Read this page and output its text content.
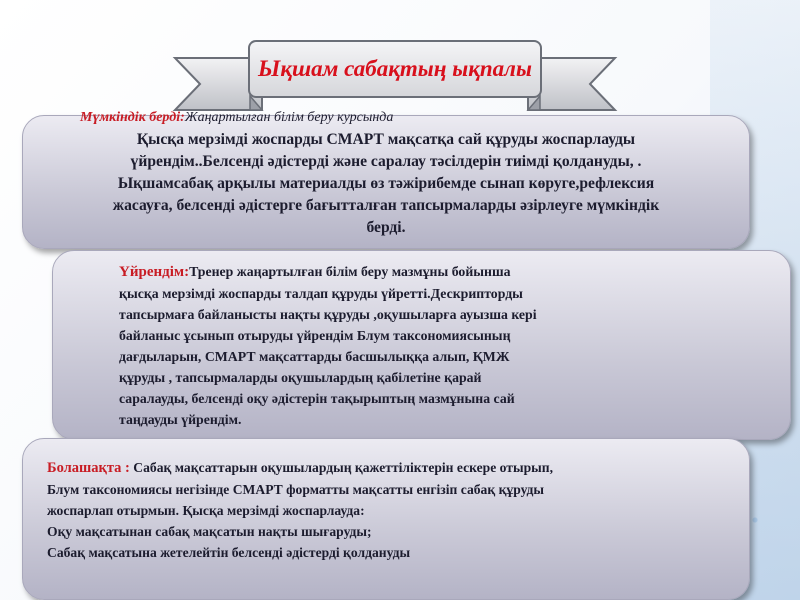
Ықшам сабақтың ықпалы
Мүмкіндік берді:Жаңартылған білім беру курсында
Қысқа мерзімді жоспарды СМАРТ мақсатқа сай құруды жоспарлауды
үйрендім..Белсенді әдістерді және саралау тәсілдерін тиімді қолдануды, .
Ықшамсабақ арқылы материалды өз тәжірибемде сынап көруге,рефлексия
жасауға, белсенді әдістерге бағытталған тапсырмаларды әзірлеуге мүмкіндік
берді.
Үйрендім:Тренер жаңартылған білім беру мазмұны бойынша
қысқа мерзімді жоспарды талдап құруды үйретті.Дескрипторды
тапсырмаға байланысты нақты құруды ,оқушыларға ауызша кері
байланыс ұсынып отыруды үйрендім Блум таксономиясының
дағдыларын, СМАРТ мақсаттарды басшылыққа алып, ҚМЖ
құруды , тапсырмаларды оқушылардың қабілетіне қарай
саралауды, белсенді оқу әдістерін тақырыптың мазмұнына сай
таңдауды үйрендім.
Болашақта : Сабақ мақсаттарын оқушылардың қажеттіліктерін ескере отырып,
Блум таксономиясы негізінде СМАРТ форматты мақсатты енгізіп сабақ құруды
жоспарлап отырмын. Қысқа мерзімді жоспарлауда:
Оқу мақсатынан сабақ мақсатын нақты шығаруды;
Сабақ мақсатына жетелейтін белсенді әдістерді қолдануды
